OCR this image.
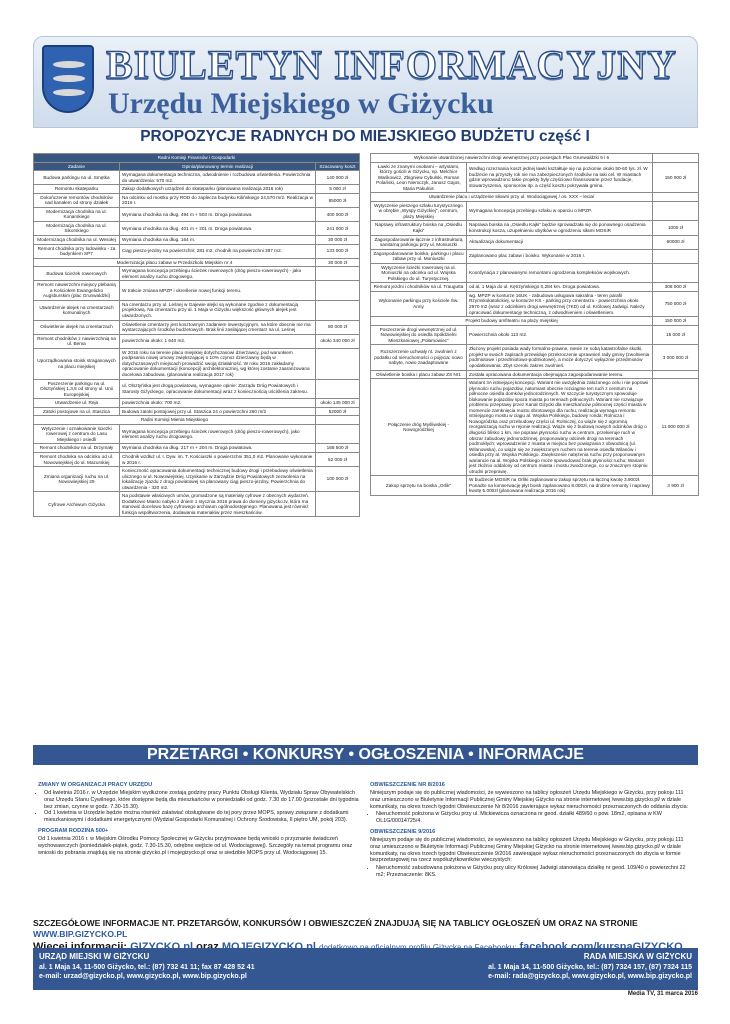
BIULETYN INFORMACYJNY
Urzędu Miejskiego w Giżycku
PROPOZYCJE RADNYCH DO MIEJSKIEGO BUDŻETU część I
Radni Komisji Finansów i Gospodarki		
Zadanie	Opinia/planowany termin realizacji	Szacowany koszt
Budowa parkingu na ul. Smętka	Wymagana dokumentacja techniczna, odwodnienie i rozbudowa oświetlenia. Powierzchnia do utwardzenia: 570 m2.	140 000 zł
Remontu skateparku	Zakup dodatkowych urządzeń do skateparku (planowana realizacja 2016 rok)	5 000 zł
Dokończenie remontów chodników nad kanałem od strony działek	Na odcinku od mostku przy ROD do zaplecza budynku Kilińskiego 24,570 m/2. Realizacja w 2016 r.	85000 zł
Modernizacja chodnika na ul. Konarskiego	Wymiana chodnika na dług. 494 m + 503 m. Droga powiatowa.	400 000 zł
Modernizacja chodnika na ul. Sikorskiego	Wymiana chodnika na dług. 401 m + 201 m. Droga powiatowa.	241 000 zł
Modernizacja chodnika na ul. Wesołej	Wymiana chodnika na dług. 164 m.	30 000 zł
Remont chodnika przy lodowisku - za budynkiem SP7	Ciąg pieszo-jezdny na powierzchni: 281 m2, chodnik na powierzchni 387 m2.	133 000 zł
Modernizacja placu zabaw w Przedszkolu Miejskim nr 4		30 000 zł
Budowa ścieżek rowerowych	Wymagana koncepcja przebiegu ścieżek rowerowych (dróg pieszo-rowerowych) - jako element analizy ruchu drogowego.	
Remont nawierzchni miejscy plebanią a Kościołem Ewangelicko Augsburskim (plac Grunwaldzki)	W trakcie zmiana MPZP i określenie nowej funkcji terenu.	
Utwardzenie alejek na cmentarzach komunalnych	Na cmentarzu przy ul. Leśnej w Gajewie alejki są wykonane zgodnie z dokumentacją projektową. Na cmentarzu przy al. 1 Maja w Giżycku większość głównych alejek jest utwardzonych.	
Oświetlenie alejek na cmentarzach	Oświetlenie cmentarzy jest kosztownym zadaniem inwestycyjnym, na które obecnie nie ma wystarczających środków budżetowych. Brak linii zasilającej cmentarz na ul. Leśnej	80 000 zł
Remont chodników z nawierzchnią na ul. Bema	powierzchnia około: 1 640 m2.	około 340 000 zł
Uporządkowania stoisk straganowych na placu miejskiej	W 2016 roku na terenie placu miejskiej dotychczasowi dzierżawcy, pod warunkiem podpisania nowej umowy zwiększającej o 10% czynsz dzierżawny będą w dotychczasowych miejscach prowadzić swoją działalność. W roku 2016 zakładamy opracowanie dokumentacji (koncepcji) architektonicznej, wg której zostanie zaaranżowana docelowa zabudowa. (planowana realizacja 2017 rok)	
Poszerzenie parkingu na ul. Olsztyńskiej 1,3,5 od strony ul. Unii Europejskiej	ul. Olsztyńska jest drogą powiatową, wymagane opinie: Zarządu Dróg Powiatowych i Starosty Giżyckiego, opracowanie dokumentacji wraz z koniecznością uściślenia zakresu.	
Utwardzenie ul. Reja	powierzchnia około: 700 m2.	około 145 000 zł
Zatoki postojowe na ul. Staszica	Budowa zatoki postojowej przy ul. Staszica 24 o powierzchni 260 m/2	52000 zł
Radni Komisji Mienia Miejskiego		
Wytyczenie i oznakowanie ścieżki rowerowej z centrum do Lasu Miejskiego i osiedli	Wymagana koncepcja przebiegu ścieżek rowerowych (dróg pieszo-rowerowych), jako element analizy ruchu drogowego.	
Remont chodników na ul. Drzymały	Wymiana chodnika na dług. 217 m + 204 m. Droga powiatowa.	168 500 zł
Remont chodnika na odcinku od ul. Nowowiejskiej do ul. Mazurskiej	Chodnik wzdłuż ul. I. Dyw. im. T. Kościuszki o powierzchni 351,0 m2. Planowane wykonanie w 2016 r.	52 000 zł
Zmiana organizacji ruchu na ul. Nowowiejskiej 29	Konieczność opracowania dokumentacji technicznej budowy drogi i przebudowy oświetlenia ulicznego w ul. Nowowiejskiej. Uzyskanie w Zarządzie Dróg Powiatowych zezwolenia na lokalizację zjazdu z drogi powiatowej na planowany ciąg pieszo-jezdny. Powierzchnia do utwardzenia - 320 m2.	100 000 zł
Cyfrowe Archiwum Giżycka	Na podstawie właściwych umów, gromadzone są materiały cyfrowe z obecnych wydarzeń. Dodatkowo Miasto nabyło z dniem 1 stycznia 2016 prawa do domeny gizycko.tv, która ma stanowić docelowo bazę cyfrowego archiwum ogólnodostępnego. Planowana jest również funkcja współtworzenia, dodawania materiałów przez mieszkańców.	
Wykonanie utwardzonej nawierzchni drogi wewnętrznej przy posesjach Plac Grunwaldzki 5 i 6		
Ławki ze znanymi osobami – artystami, którzy gościli w Giżycku, np. Melchior Wańkowicz, Zbigniew Cybulski, Roman Polański, Leon Niemczyk, Janusz Gajos, Maria Pakulnis	Według rozeznania koszt jednej ławki kształtuje się na poziomie około 50-60 tys. zł. W budżecie na przyszły rok nie ma zabezpieczonych środków na taki cel. W miastach gdzie wprowadzono takie projekty były częściowo finansowane przez fundacje, stowarzyszenia, sponsorów itp. a część kosztu pokrywała gmina.	150 000 zł
Utwardzenie placu i urządzenie siłowni przy ul. Wodociągowej / os. XXX – lecia/		
Wytyczenie pieszego szlaku turystycznego w obrębie „Wyspy Giżyckiej”, centrum, plaży Miejskiej	Wymagana koncepcja przebiegu szlaku w oparciu o MPZP.	
Naprawy infrastruktury boiska na „Osiedlu Kajki”	Naprawa boiska na „Osiedlu Kajki” będzie sprowadzała się do ponownego osadzenia konstrukcji kosza, uzupełnieniu ubytków w ogrodzeniu siłami MOSiR	1000 zł
Zagospodarowanie łącznie z infrastrukturą sanitarną parkingu przy ul. Moniuszki	Aktualizacja dokumentacji	60000 zł
Zagospodarowanie boiska, parkingu i placu zabaw przy ul. Moniuszki	Zaplanowano plac zabaw i boisko. Wykonanie w 2016 r.	
Wytyczenie ścieżki rowerowej na ul. Moniuszki na odcinku od ul. Wojska Polskiego do ul. Turystycznej.	Koordynacja z planowanymi remontami ogrodzenia kompleksów wojskowych.	
Remont jezdni i chodników na ul. Traugutta	od al. 1 Maja do ul. Kętrzyńskiego 0,284 km. Droga powiatowa.	308 000 zł
Wykonanie parkingu przy kościele Św. Anny	wg. MPZP w konturze 16UK - zabudowa usługowa sakralna - teren parafii Rzymskokatolickiej, w konturze KS - parking przy cmentarzu - powierzchnia około 2970 m2 (wraz z odcinkiem drogi wewnętrznej (7KD) od ul. Królowej Jadwigi. Należy opracować dokumentację techniczną, z odwodnieniem i oświetleniem.	750 000 zł
Projekt budowy amfiteatru na plaży miejskiej		150 000 zł
Poszerzenie drogi wewnętrznej od ul. Nowowiejskiej do osiedla Spółdzielni Mieszkaniowej „Połamowiec”	Powierzchnia około 113 m2.	15 000 zł
Rozszerzenie uchwały nt. zwolnień z podatku od nieruchomości o pojęcia: nowo nabyte, nowo zaadaptowane	Złożony projekt posiada wady formalno-prawne, niesie ze sobą katastrofalne skutki, projekt w swoich zapisach przewiduje przekroczenie uprawnień rady gminy (zwolnienia podmiotowe i przedmiotowo-podmiotowe), a może dotyczyć wyłącznie przedmiotów opodatkowania. Zbyt szeroki zakres zwolnień.	3 000 000 zł
Oświetlenie boiska i placu zabaw ZS Nr1	Została opracowana dokumentacja obejmująca zagospodarowanie terenu.	
Połączenie dróg Myśliwskiej - Nowogródzkiej	Wariant 3A istniejącej koncepcji. Wariant nie uwzględnia założonego celu i nie poprawi płynności ruchu pojazdów, natomiast obecnie rozciągnie ten ruch z centrum na północne osiedla domków jednorodzinnych. W szczycie turystycznym spowoduje blokowanie pojazdów spoza miasta po terenach północnych. Wariant nie rozwiązuje problemu przeprawy przez Kanał Giżycki dla mieszkańców północnej części miasta w momencie zamknięcia mostu obrotowego dla ruchu, realizacja wymaga remontu istniejącego mostu w ciągu al. Wojska Polskiego, budowy ronda: Rolnicza i Nowogródzka oraz przebudowy części ul. Rolniczej, co wiąże się z ogromną reorganizacją ruchu w rejonie realizacji. Wiąże się z budową nowych odcinków dróg o długości blisko 1 km, nie poprawi płynności ruchu w centrum, przekieruje ruch w obszar zabudowy jednorodzinnej, proponowany odcinek drogi na terenach podmokłych; wprowadzenie z miasta w miejscu bez powiązania z obwodnicą (ul. Wilanowska), co wiąże się ze zwiększonym ruchem na terenie osiedla Wilanów i osiedla przy al. Wojska Polskiego. Zwiększenie natężenia ruchu przy proponowanym wariancie na al. Wojska Polskiego może spowodować brak płynności ruchu; Wariant jest złożnio oddalony od centrum miasta i mostu zwodzonego, co w znacznym stopniu utrudni przeprawę.	11 000 000 zł
Zakup sprzętu na boiska „Orlik”	W budżecie MOSiR na Orliki zaplanowano zakup sprzętu na łącznq kwotę 3.900zł. Ponadto na konserwację płyt boisk zaplanowano 8.000zł, na drobne remonty i naprawy kwotę 5.000zł (planowana realizacja 2016 rok)	3 900 zł
PRZETARGI • KONKURSY • OGŁOSZENIA • INFORMACJE
ZMIANY W ORGANIZACJI PRACY URZĘDU
• Od kwietnia 2016 r. w Urzędzie Miejskim wydłużone zostają godziny pracy Punktu Obsługi Klienta, Wydziału Spraw Obywatelskich oraz Urzędu Stanu Cywilnego, które dostępne będą dla mieszkańców w poniedziałki od godz. 7.30 do 17.00 (pozostałe dni tygodnia bez zmian, czynne w godz. 7.30-15.30).
• Od 1 kwietnia w Urzędzie będzie można również załatwiać obsługiwane do tej pory przez MOPS, sprawy związane z dodatkami mieszkaniowymi i dodatkami energetycznymi (Wydział Gospodarki Komunalnej i Ochrony Środowiska, II piętro UM, pokój 203).
PROGRAM RODZINA 500+

Od 1 kwietnia 2016 r. w Miejskim Ośrodku Pomocy Społecznej w Giżycku przyjmowane będą wnioski o przyznanie świadczeń wychowawczych (poniedziałek-piątek, godz. 7.30-15.30, odrębne wejście od ul. Wodociągowej). Szczegóły na temat programu oraz wnioski do pobrania znajdują się na stronie gizycko.pl i mojegizycko.pl oraz w siedzibie MOPS przy ul. Wodociągowej 15.

OBWIESZCZENIE NR 8/2016

Niniejszym podaje się do publicznej wiadomości, że wywieszono na tablicy ogłoszeń Urzędu Miejskiego w Giżycku, przy pokoju 111 oraz umieszczono w Biuletynie Informacji Publicznej Gminy Miejskiej Giżycko na stronie internetowej /www.bip.gizycko.pl/ w dziale komunikaty, na okres trzech tygodni Obwieszczenie Nr 8/2016 zawierające wykaz nieruchomości przeznaczonych do oddania zbycia:

• Nieruchomość położona w Giżycku przy ul. Mickiewicza oznaczona nr geod. działki 489/60 o pow. 18m2, opisana w KW OL1G/00014725/4.
OBWIESZCZENIE 9/2016

Niniejszym podaje się do publicznej wiadomości, że wywieszono na tablicy ogłoszeń Urzędu Miejskiego w Giżycku, przy pokoju 111 oraz umieszczono w Biuletynie Informacji Publicznej Gminy Miejskiej Giżycko na stronie internetowej /www.bip.gizycko.pl/ w dziale komunikaty, na okres trzech tygodni Obwieszczenie 9/2016 zawierające wykaz nieruchomości przeznaczonych do zbycia w formie bezprzetargowej na rzecz współużytkowników wieczystych:

• Nieruchomość zabudowana położona w Giżycku przy ulicy Królowej Jadwigi stanowiąca działkę nr geod. 109/40 o powierzchni 22 m2; Przeznaczenie: 8KS.
SZCZEGÓŁOWE INFORMACJE NT. PRZETARGÓW, KONKURSÓW I OBWIESZCZEŃ ZNAJDUJĄ SIĘ NA TABLICY OGŁOSZEŃ UM ORAZ NA STRONIE WWW.BIP.GIZYCKO.PL
URZĄD MIEJSKI W GIŻYCKU
al. 1 Maja 14, 11-500 Giżycko, tel.: (87) 732 41 11; fax 87 428 52 41
e-mail: urzad@gizycko.pl, www.gizycko.pl, www.bip.gizycko.pl
RADA MIEJSKA W GIŻYCKU
al. 1 Maja 14, 11-500 Giżycko, tel.: (87) 7324 157, (87) 7324 115
e-mail: rada@gizycko.pl, www.gizycko.pl, www.bip.gizycko.pl
Media TV, 31 marca 2016
